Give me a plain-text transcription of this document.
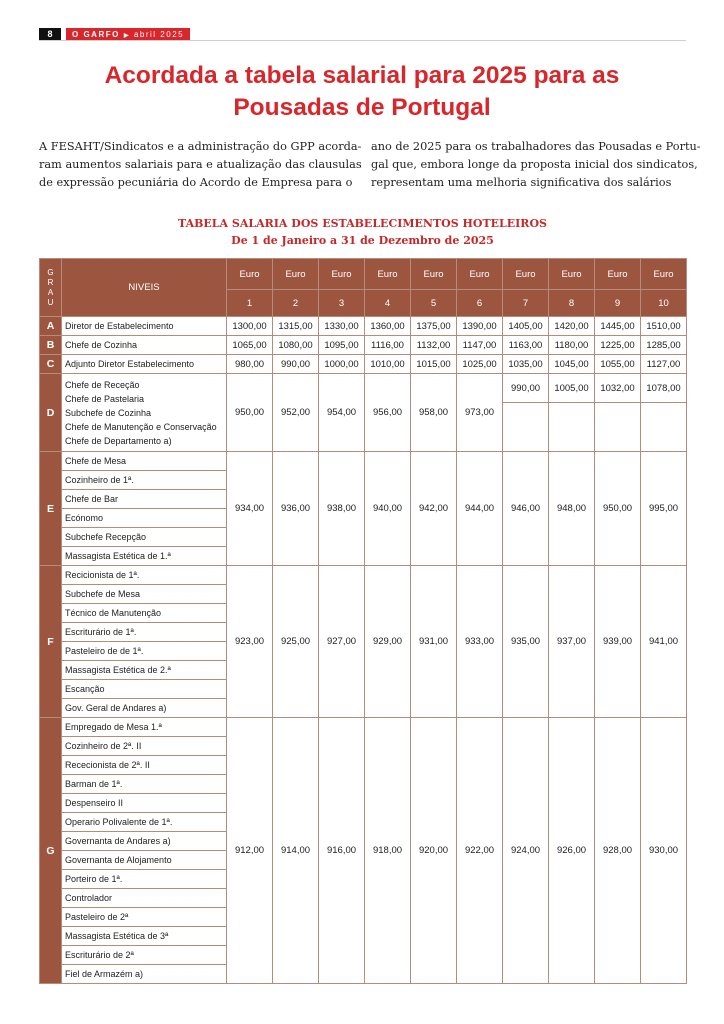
8	O GARFO ▶ abril 2025
Acordada a tabela salarial para 2025 para as
Pousadas de Portugal
A FESAHT/Sindicatos e a administração do GPP acorda-
ram aumentos salariais para e atualização das clausulas
de expressão pecuniária do Acordo de Empresa para o
ano de 2025 para os trabalhadores das Pousadas e Portu-
gal que, embora longe da proposta inicial dos sindicatos,
representam uma melhoria significativa dos salários
TABELA SALARIA DOS ESTABELECIMENTOS HOTELEIROS
De 1 de Janeiro a 31 de Dezembro de 2025
G
R
A
U	NIVEIS	Euro	Euro	Euro	Euro	Euro	Euro	Euro	Euro	Euro	Euro
		1	2	3	4	5	6	7	8	9	10
A	Diretor de Estabelecimento	1300,00	1315,00	1330,00	1360,00	1375,00	1390,00	1405,00	1420,00	1445,00	1510,00
B	Chefe de Cozinha	1065,00	1080,00	1095,00	1116,00	1132,00	1147,00	1163,00	1180,00	1225,00	1285,00
C	Adjunto Diretor Estabelecimento	980,00	990,00	1000,00	1010,00	1015,00	1025,00	1035,00	1045,00	1055,00	1127,00
D	Chefe de Receção
Chefe de Pastelaria
Subchefe de Cozinha
Chefe de Manutenção e Conservação
Chefe de Departamento a)	950,00	952,00	954,00	956,00	958,00	973,00	990,00	1005,00	1032,00	1078,00

E	Chefe de Mesa	934,00	936,00	938,00	940,00	942,00	944,00	946,00	948,00	950,00	995,00
	Cozinheiro de 1ª.										
	Chefe de Bar										
	Ecónomo										
	Subchefe Recepção										
	Massagista Estética de 1.ª										
F	Recicionista de 1ª.	923,00	925,00	927,00	929,00	931,00	933,00	935,00	937,00	939,00	941,00
	Subchefe de Mesa										
	Técnico de Manutenção										
	Escriturário de 1ª.										
	Pasteleiro de de 1ª.										
	Massagista Estética de 2.ª										
	Escanção										
	Gov. Geral de Andares a)										
G	Empregado de Mesa 1.ª	912,00	914,00	916,00	918,00	920,00	922,00	924,00	926,00	928,00	930,00
	Cozinheiro de 2ª. II										
	Rececionista de 2ª. II										
	Barman de 1ª.										
	Despenseiro II										
	Operario Polivalente de 1ª.										
	Governanta de Andares a)										
	Governanta de Alojamento										
	Porteiro de 1ª.										
	Controlador										
	Pasteleiro de 2ª										
	Massagista Estética de 3ª										
	Escriturário de 2ª										
	Fiel de Armazém a)										
